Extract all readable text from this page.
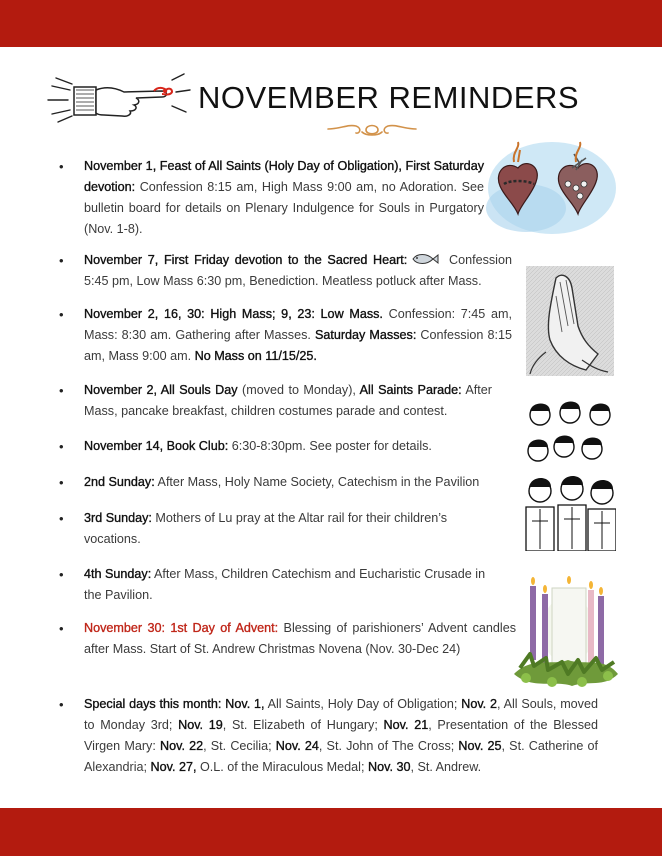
NOVEMBER REMINDERS
• November 1, Feast of All Saints (Holy Day of Obligation), First Saturday devotion: Confession 8:15 am, High Mass 9:00 am, no Adoration. See bulletin board for details on Plenary Indulgence for Souls in Purgatory (Nov. 1-8).
• November 7, First Friday devotion to the Sacred Heart:	Confession 5:45 pm, Low Mass 6:30 pm, Benediction. Meatless potluck after Mass.
• November 2, 16, 30: High Mass; 9, 23: Low Mass. Confession: 7:45 am, Mass: 8:30 am. Gathering after Masses. Saturday Masses: Confession 8:15 am, Mass 9:00 am. No Mass on 11/15/25.
• November 2, All Souls Day (moved to Monday), All Saints Parade: After Mass, pancake breakfast, children costumes parade and contest.
• November 14, Book Club: 6:30-8:30pm. See poster for details.
• 2nd Sunday: After Mass, Holy Name Society, Catechism in the Pavilion
• 3rd Sunday: Mothers of Lu pray at the Altar rail for their children’s vocations.
• 4th Sunday: After Mass, Children Catechism and Eucharistic Crusade in the Pavilion.
• November 30: 1st Day of Advent: Blessing of parishioners’ Advent candles after Mass. Start of St. Andrew Christmas Novena (Nov. 30-Dec 24)
• Special days this month: Nov. 1, All Saints, Holy Day of Obligation; Nov. 2, All Souls, moved to Monday 3rd; Nov. 19, St. Elizabeth of Hungary; Nov. 21, Presentation of the Blessed Virgen Mary: Nov. 22, St. Cecilia; Nov. 24, St. John of The Cross; Nov. 25, St. Catherine of Alexandria; Nov. 27, O.L. of the Miraculous Medal; Nov. 30, St. Andrew.
